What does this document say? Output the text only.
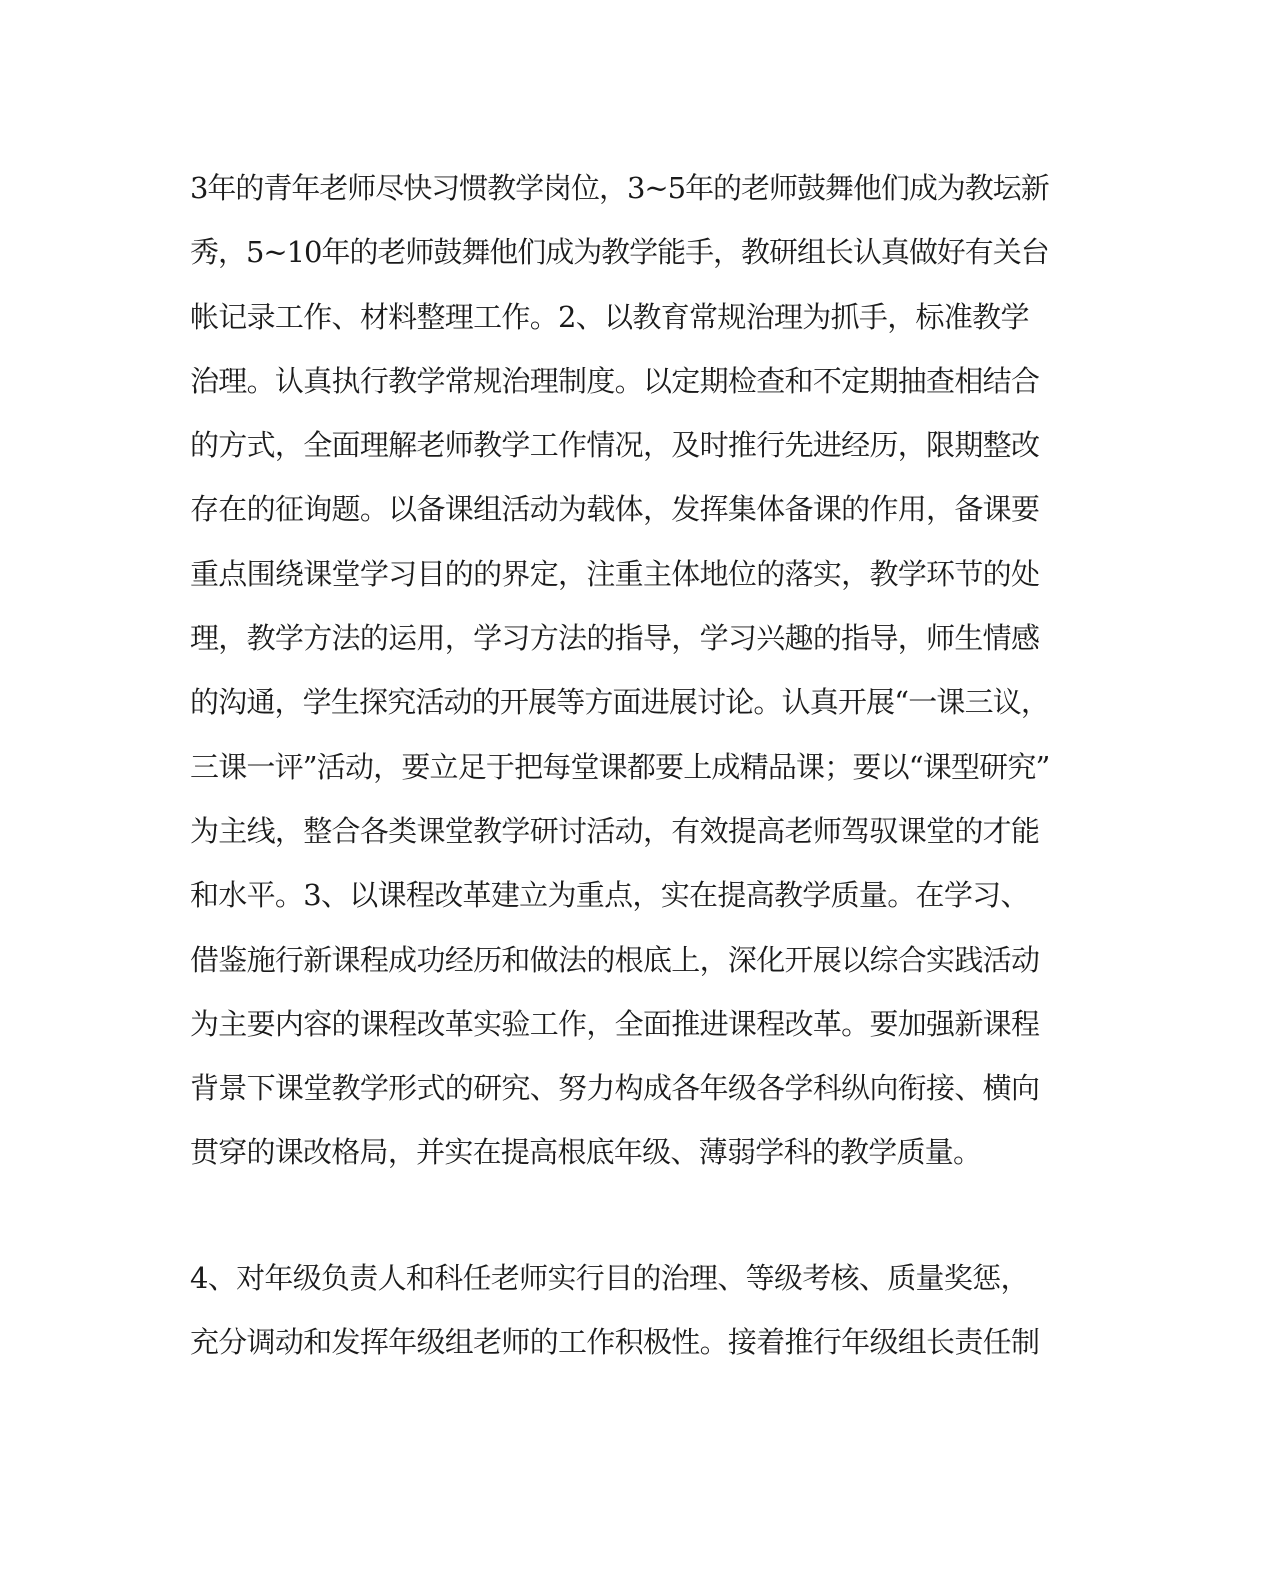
3年的青年老师尽快习惯教学岗位，3~5年的老师鼓舞他们成为教坛新
秀，5~10年的老师鼓舞他们成为教学能手，教研组长认真做好有关台
帐记录工作、材料整理工作。2、以教育常规治理为抓手，标准教学
治理。认真执行教学常规治理制度。以定期检查和不定期抽查相结合
的方式，全面理解老师教学工作情况，及时推行先进经历，限期整改
存在的征询题。以备课组活动为载体，发挥集体备课的作用，备课要
重点围绕课堂学习目的的界定，注重主体地位的落实，教学环节的处
理，教学方法的运用，学习方法的指导，学习兴趣的指导，师生情感
的沟通，学生探究活动的开展等方面进展讨论。认真开展“一课三议，
三课一评”活动，要立足于把每堂课都要上成精品课；要以“课型研究”
为主线，整合各类课堂教学研讨活动，有效提高老师驾驭课堂的才能
和水平。3、以课程改革建立为重点，实在提高教学质量。在学习、
借鉴施行新课程成功经历和做法的根底上，深化开展以综合实践活动
为主要内容的课程改革实验工作，全面推进课程改革。要加强新课程
背景下课堂教学形式的研究、努力构成各年级各学科纵向衔接、横向
贯穿的课改格局，并实在提高根底年级、薄弱学科的教学质量。
4、对年级负责人和科任老师实行目的治理、等级考核、质量奖惩，
充分调动和发挥年级组老师的工作积极性。接着推行年级组长责任制
